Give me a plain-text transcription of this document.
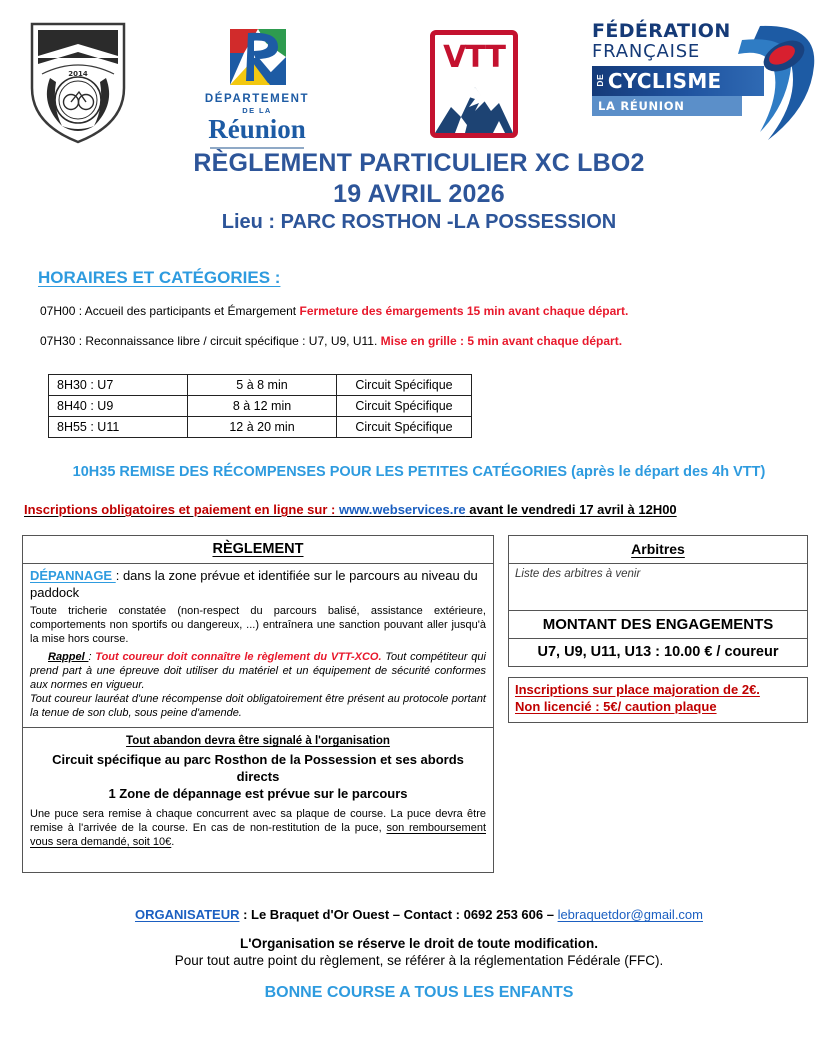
2014
DÉPARTEMENT
DE LA
Réunion
VTT
FÉDÉRATION
FRANÇAISE
DE CYCLISME
LA RÉUNION
RÈGLEMENT PARTICULIER XC LBO2
19 AVRIL 2026
Lieu : PARC ROSTHON -LA POSSESSION
HORAIRES ET CATÉGORIES :
07H00 : Accueil des participants et Émargement Fermeture des émargements 15 min avant chaque départ.
07H30 : Reconnaissance libre / circuit spécifique : U7, U9, U11. Mise en grille : 5 min avant chaque départ.
8H30 : U7	5 à 8 min	Circuit Spécifique
8H40 : U9	8 à 12 min	Circuit Spécifique
8H55 : U11	12 à 20 min	Circuit Spécifique
10H35 REMISE DES RÉCOMPENSES POUR LES PETITES CATÉGORIES (après le départ des 4h VTT)
Inscriptions obligatoires et paiement en ligne sur : www.webservices.re avant le vendredi 17 avril à 12H00
RÈGLEMENT
DÉPANNAGE : dans la zone prévue et identifiée sur le parcours au niveau du paddock
Toute tricherie constatée (non-respect du parcours balisé, assistance extérieure, comportements non sportifs ou dangereux, ...) entraînera une sanction pouvant aller jusqu'à la mise hors course.
Rappel : Tout coureur doit connaître le règlement du VTT-XCO. Tout compétiteur qui prend part à une épreuve doit utiliser du matériel et un équipement de sécurité conformes aux normes en vigueur.
Tout coureur lauréat d'une récompense doit obligatoirement être présent au protocole portant la tenue de son club, sous peine d'amende.
Tout abandon devra être signalé à l'organisation
Circuit spécifique au parc Rosthon de la Possession et ses abords directs
1 Zone de dépannage est prévue sur le parcours
Une puce sera remise à chaque concurrent avec sa plaque de course. La puce devra être remise à l'arrivée de la course. En cas de non-restitution de la puce, son remboursement vous sera demandé, soit 10€.
Arbitres
Liste des arbitres à venir
MONTANT DES ENGAGEMENTS
U7, U9, U11, U13 : 10.00 € / coureur
Inscriptions sur place majoration de 2€.
Non licencié : 5€/ caution plaque
ORGANISATEUR : Le Braquet d'Or Ouest – Contact : 0692 253 606 – lebraquetdor@gmail.com
L'Organisation se réserve le droit de toute modification.
Pour tout autre point du règlement, se référer à la réglementation Fédérale (FFC).
BONNE COURSE A TOUS LES ENFANTS
